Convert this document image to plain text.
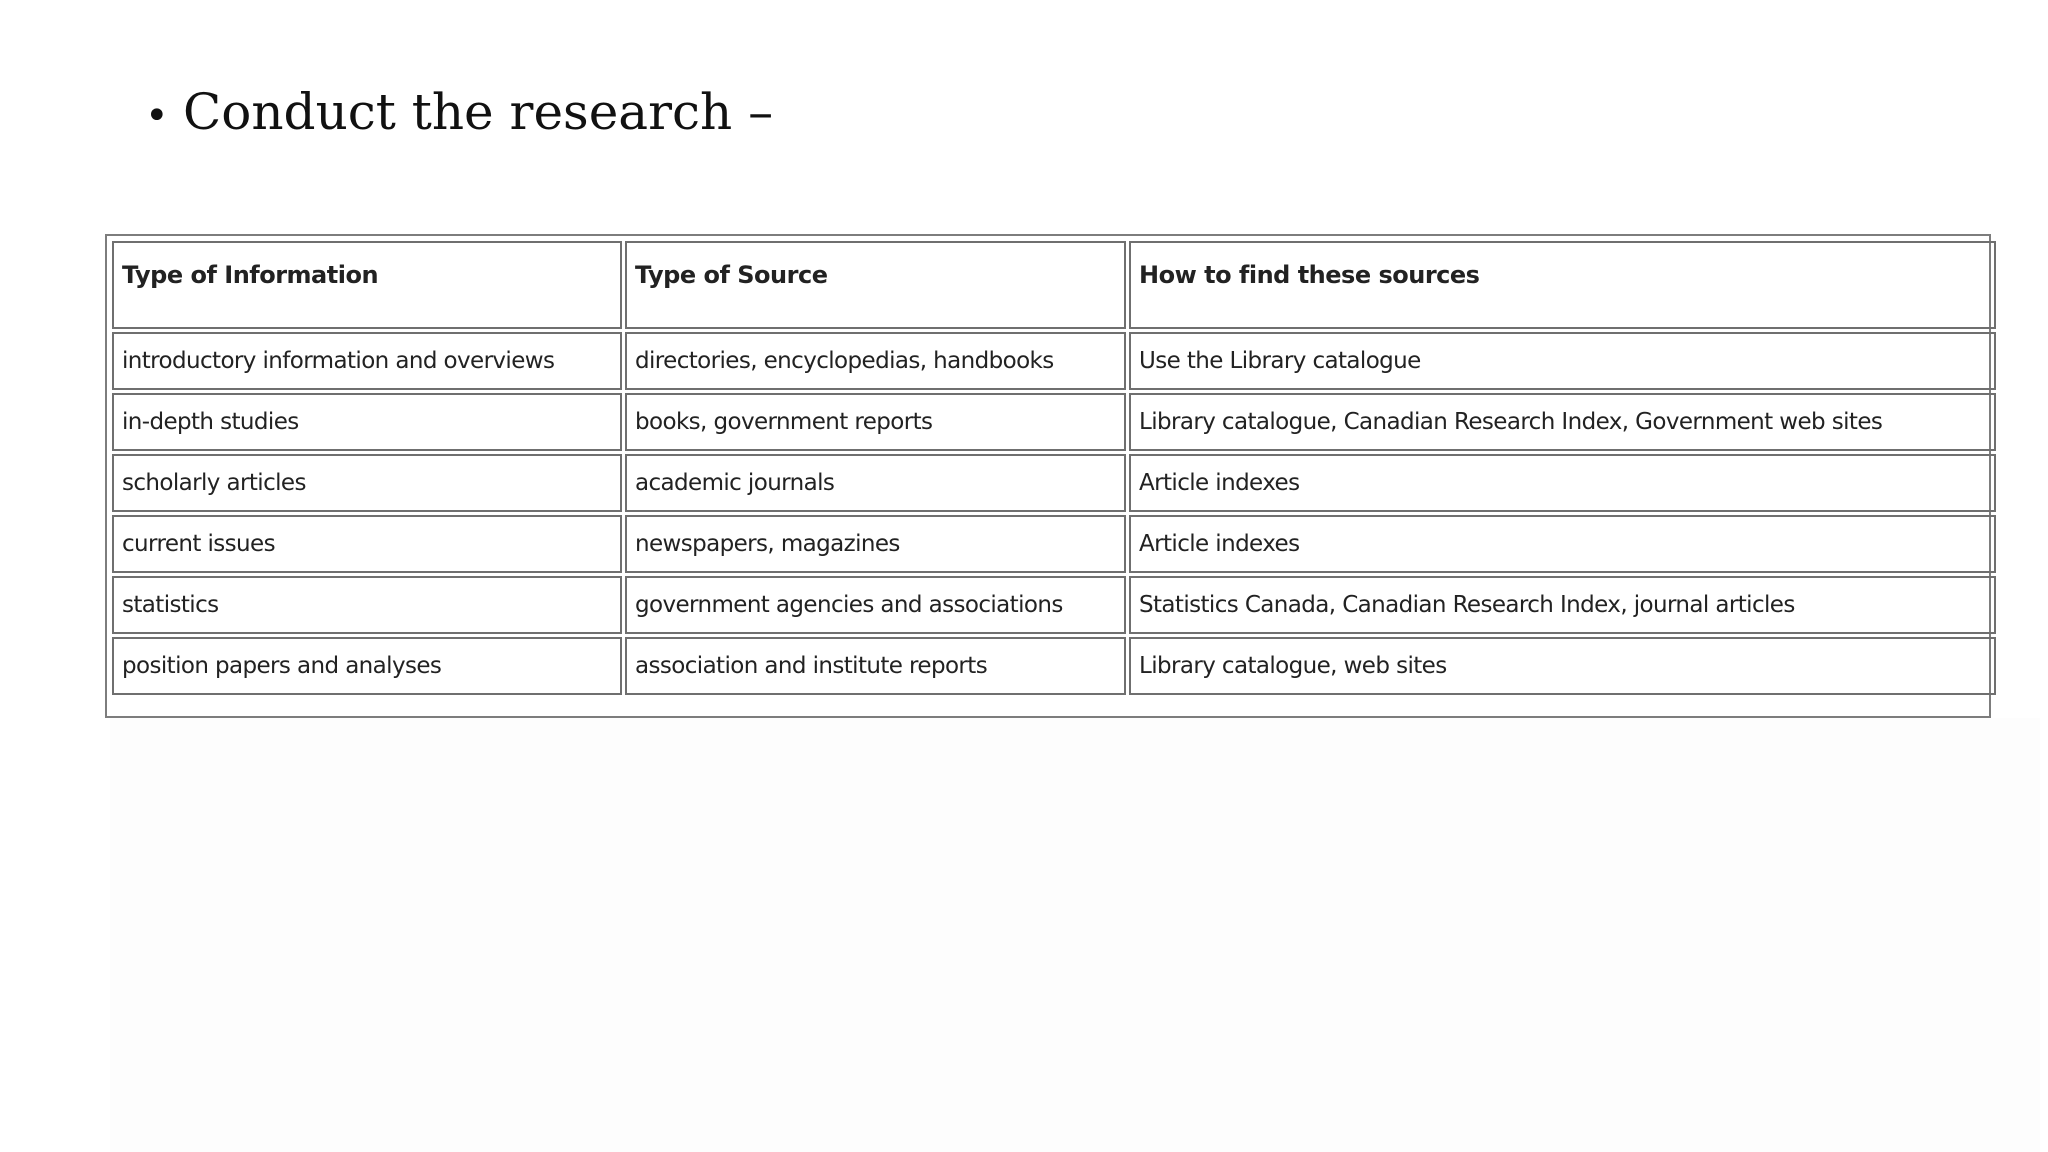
• Conduct the research –
Type of Information	Type of Source	How to find these sources
introductory information and overviews	directories, encyclopedias, handbooks	Use the Library catalogue
in-depth studies	books, government reports	Library catalogue, Canadian Research Index, Government web sites
scholarly articles	academic journals	Article indexes
current issues	newspapers, magazines	Article indexes
statistics	government agencies and associations	Statistics Canada, Canadian Research Index, journal articles
position papers and analyses	association and institute reports	Library catalogue, web sites
